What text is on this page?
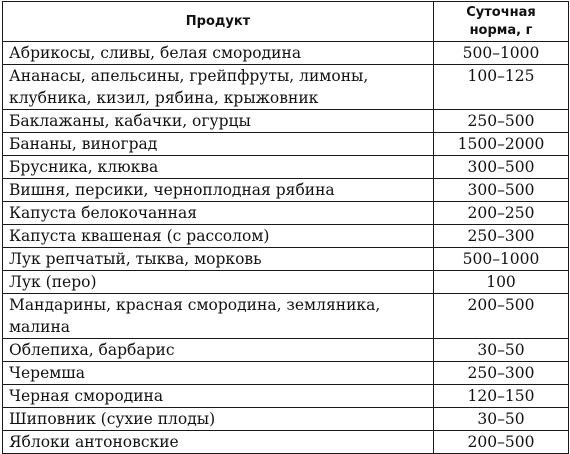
Продукт	Суточная
норма, г
Абрикосы, сливы, белая смородина	500–1000
Ананасы, апельсины, грейпфруты, лимоны, клубника, кизил, рябина, крыжовник	100–125
Баклажаны, кабачки, огурцы	250–500
Бананы, виноград	1500–2000
Брусника, клюква	300–500
Вишня, персики, черноплодная рябина	300–500
Капуста белокочанная	200–250
Капуста квашеная (с рассолом)	250–300
Лук репчатый, тыква, морковь	500–1000
Лук (перо)	100
Мандарины, красная смородина, земляника, малина	200–500
Облепиха, барбарис	30–50
Черемша	250–300
Черная смородина	120–150
Шиповник (сухие плоды)	30–50
Яблоки антоновские	200–500
